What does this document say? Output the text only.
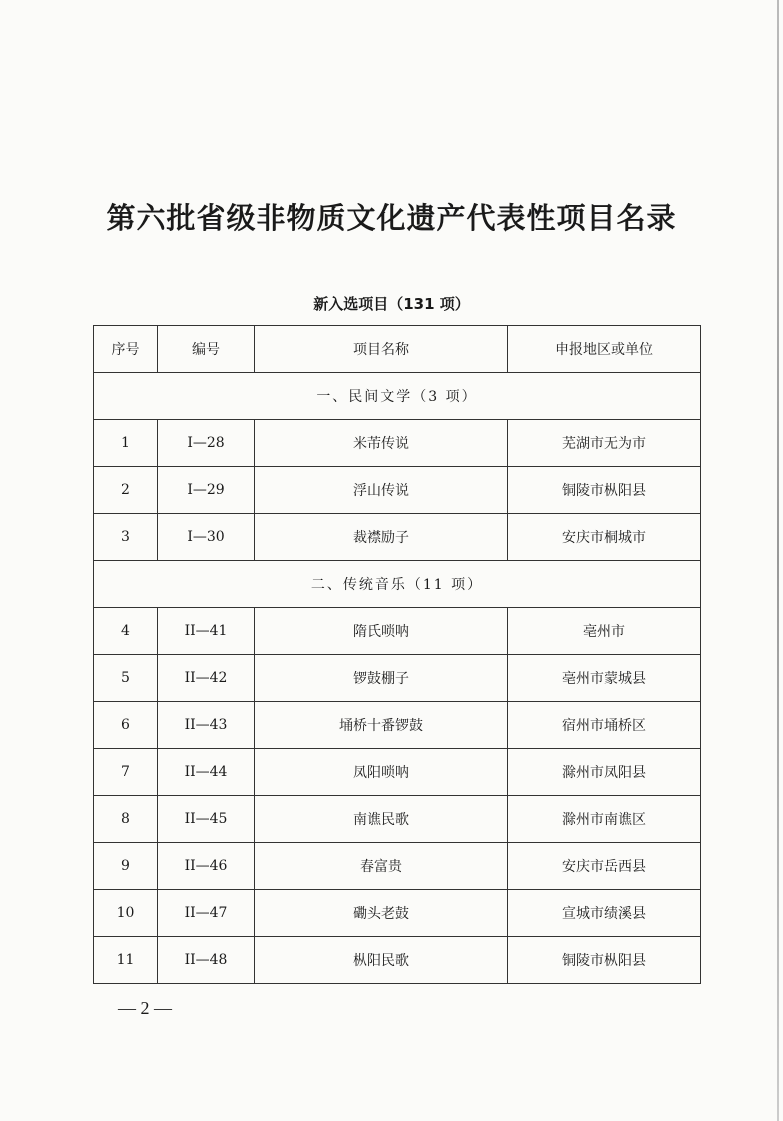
第六批省级非物质文化遗产代表性项目名录
新入选项目（131 项）
序号	编号	项目名称	申报地区或单位
一、民间文学（3 项）			
1	I—28	米芾传说	芜湖市无为市
2	I—29	浮山传说	铜陵市枞阳县
3	I—30	裁襟励子	安庆市桐城市
二、传统音乐（11 项）			
4	II—41	隋氏唢呐	亳州市
5	II—42	锣鼓棚子	亳州市蒙城县
6	II—43	埇桥十番锣鼓	宿州市埇桥区
7	II—44	凤阳唢呐	滁州市凤阳县
8	II—45	南谯民歌	滁州市南谯区
9	II—46	春富贵	安庆市岳西县
10	II—47	磡头老鼓	宣城市绩溪县
11	II—48	枞阳民歌	铜陵市枞阳县
— 2 —
